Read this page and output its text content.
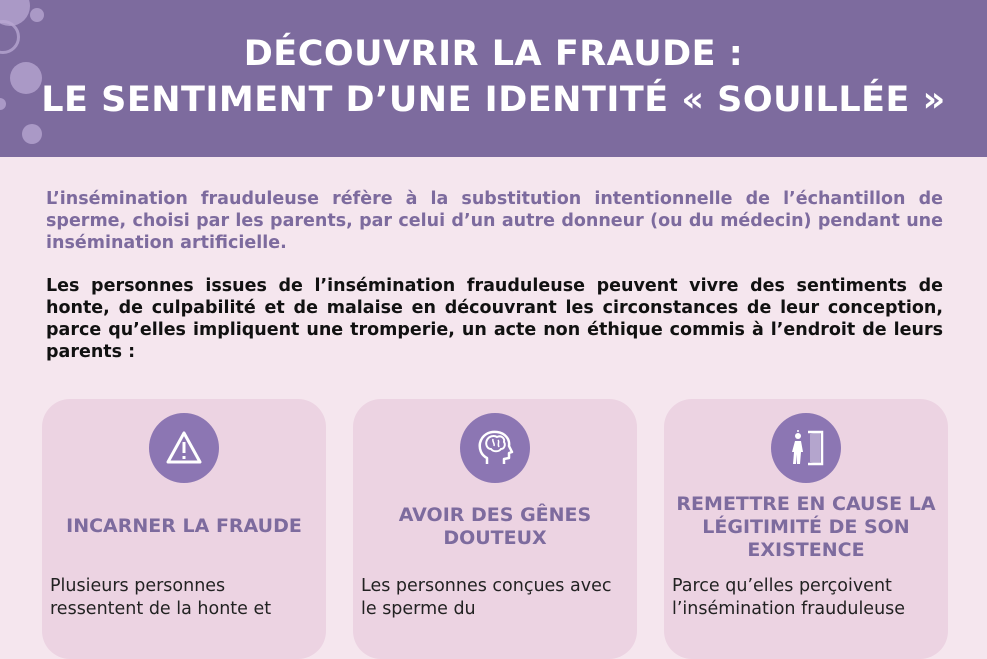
DÉCOUVRIR LA FRAUDE :
LE SENTIMENT D’UNE IDENTITÉ « SOUILLÉE »

L’insémination frauduleuse réfère à la substitution intentionnelle de l’échantillon de sperme, choisi par les parents, par celui d’un autre donneur (ou du médecin) pendant une insémination artificielle.

Les personnes issues de l’insémination frauduleuse peuvent vivre des sentiments de honte, de culpabilité et de malaise en découvrant les circonstances de leur conception, parce qu’elles impliquent une tromperie, un acte non éthique commis à l’endroit de leurs parents :

INCARNER LA FRAUDE

Plusieurs personnes ressentent de la honte et

AVOIR DES GÊNES DOUTEUX

Les personnes conçues avec le sperme du

REMETTRE EN CAUSE LA LÉGITIMITÉ DE SON EXISTENCE

Parce qu’elles perçoivent l’insémination frauduleuse
